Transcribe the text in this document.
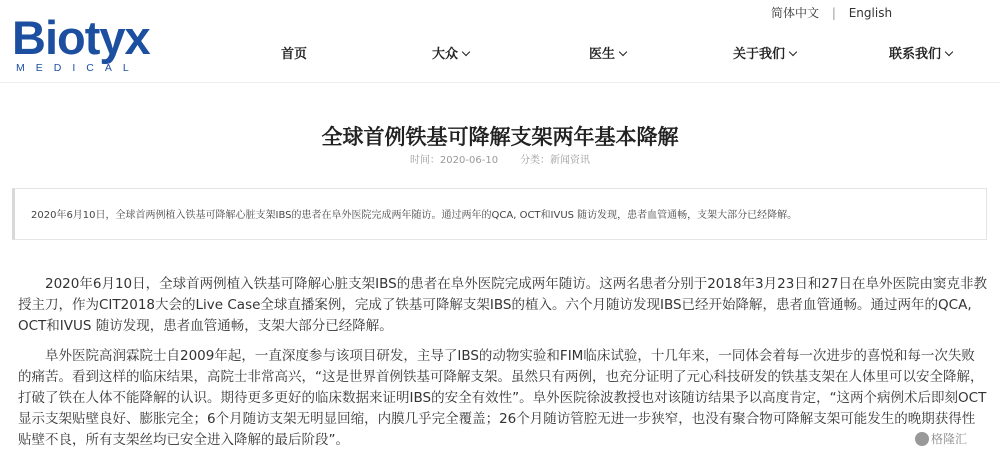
Biotyx
MEDICAL
简体中文 | English
首页	大众	医生	关于我们	联系我们
全球首例铁基可降解支架两年基本降解
时间：2020-06-10 分类：新闻资讯

2020年6月10日，全球首两例植入铁基可降解心脏支架IBS的患者在阜外医院完成两年随访。通过两年的QCA, OCT和IVUS 随访发现，患者血管通畅，支架大部分已经降解。

2020年6月10日，全球首两例植入铁基可降解心脏支架IBS的患者在阜外医院完成两年随访。这两名患者分别于2018年3月23日和27日在阜外医院由窦克非教授主刀，作为CIT2018大会的Live Case全球直播案例，完成了铁基可降解支架IBS的植入。六个月随访发现IBS已经开始降解，患者血管通畅。通过两年的QCA, OCT和IVUS 随访发现，患者血管通畅，支架大部分已经降解。

阜外医院高润霖院士自2009年起，一直深度参与该项目研发，主导了IBS的动物实验和FIM临床试验，十几年来，一同体会着每一次进步的喜悦和每一次失败的痛苦。看到这样的临床结果，高院士非常高兴，“这是世界首例铁基可降解支架。虽然只有两例，也充分证明了元心科技研发的铁基支架在人体里可以安全降解，打破了铁在人体不能降解的认识。期待更多更好的临床数据来证明IBS的安全有效性”。阜外医院徐波教授也对该随访结果予以高度肯定，“这两个病例术后即刻OCT显示支架贴壁良好、膨胀完全；6个月随访支架无明显回缩，内膜几乎完全覆盖；26个月随访管腔无进一步狭窄，也没有聚合物可降解支架可能发生的晚期获得性贴壁不良，所有支架丝均已安全进入降解的最后阶段”。	格隆汇
